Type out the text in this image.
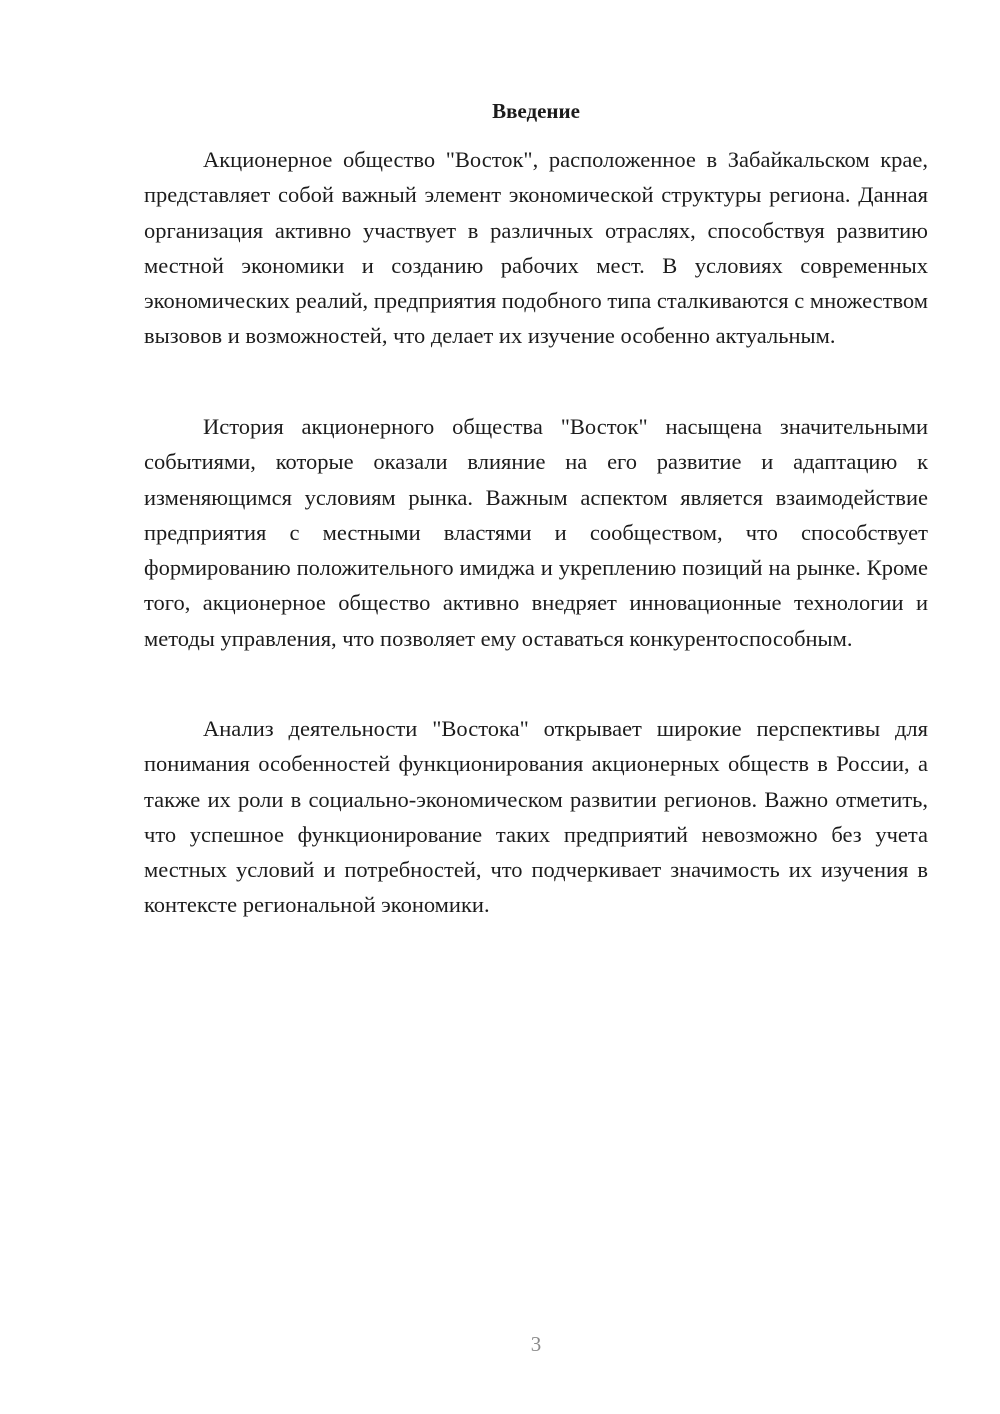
Введение

Акционерное общество "Восток", расположенное в Забайкальском крае, представляет собой важный элемент экономической структуры региона. Данная организация активно участвует в различных отраслях, способствуя развитию местной экономики и созданию рабочих мест. В условиях современных экономических реалий, предприятия подобного типа сталкиваются с множеством вызовов и возможностей, что делает их изучение особенно актуальным.

История акционерного общества "Восток" насыщена значительными событиями, которые оказали влияние на его развитие и адаптацию к изменяющимся условиям рынка. Важным аспектом является взаимодействие предприятия с местными властями и сообществом, что способствует формированию положительного имиджа и укреплению позиций на рынке. Кроме того, акционерное общество активно внедряет инновационные технологии и методы управления, что позволяет ему оставаться конкурентоспособным.

Анализ деятельности "Востока" открывает широкие перспективы для понимания особенностей функционирования акционерных обществ в России, а также их роли в социально-экономическом развитии регионов. Важно отметить, что успешное функционирование таких предприятий невозможно без учета местных условий и потребностей, что подчеркивает значимость их изучения в контексте региональной экономики.

3
